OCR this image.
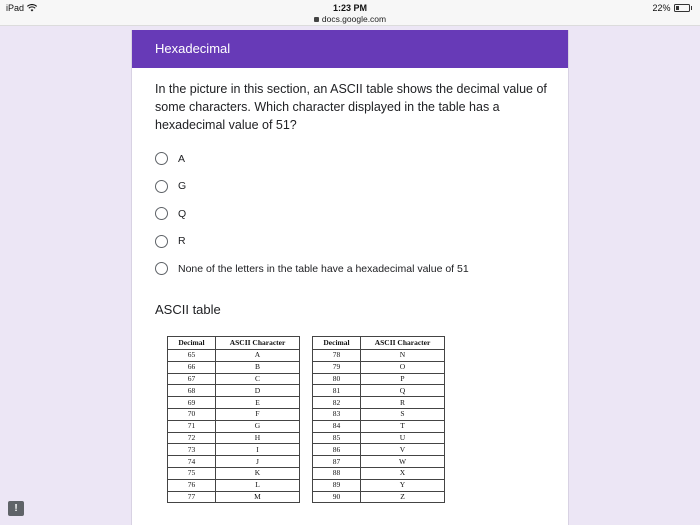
iPad	1:23 PM
docs.google.com
22%
Hexadecimal
In the picture in this section, an ASCII table shows the decimal value of some characters. Which character displayed in the table has a hexadecimal value of 51?
A
G
Q
R
None of the letters in the table have a hexadecimal value of 51
ASCII table
Decimal	ASCII Character
65	A
66	B
67	C
68	D
69	E
70	F
71	G
72	H
73	I
74	J
75	K
76	L
77	M
Decimal	ASCII Character
78	N
79	O
80	P
81	Q
82	R
83	S
84	T
85	U
86	V
87	W
88	X
89	Y
90	Z
!
